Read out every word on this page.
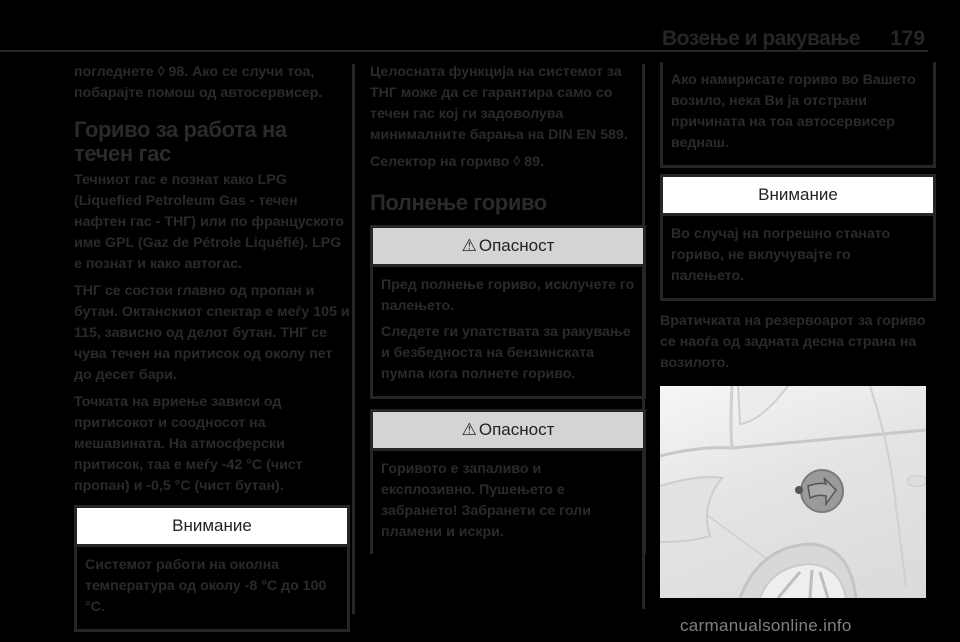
Возење и ракување 179

погледнете ◊ 98. Ако се случи тоа, побарајте помош од автосервисер.

Гориво за работа на течен гас

Течниот гас е познат како LPG (Liquefied Petroleum Gas - течен нафтен гас - ТНГ) или по француското име GPL (Gaz de Pétrole Liquéfié). LPG е познат и како автогас.

ТНГ се состои главно од пропан и бутан. Октанскиот спектар е меѓу 105 и 115, зависно од делот бутан. ТНГ се чува течен на притисок од околу пет до десет бари.

Точката на вриење зависи од притисокот и соодносот на мешавината. На атмосферски притисок, таа е меѓу -42 °C (чист пропан) и -0,5 °C (чист бутан).

Внимание

Системот работи на околна температура од околу -8 °C до 100 °C.

Целосната функција на системот за ТНГ може да се гарантира само со течен гас кој ги задоволува минималните барања на DIN EN 589.

Селектор на гориво ◊ 89.

Полнење гориво
⚠ Опасност

Пред полнење гориво, исклучете го палењето.

Следете ги упатствата за ракување и безбедноста на бензинската пумпа кога полнете гориво.

⚠ Опасност

Горивото е запаливо и експлозивно. Пушењето е забрането! Забранети се голи пламени и искри.

Ако намирисате гориво во Вашето возило, нека Ви ја отстрани причината на тоа автосервисер веднаш.

Внимание

Во случај на погрешно станато гориво, не вклучувајте го палењето.

Вратичката на резервоарот за гориво се наоѓа од задната десна страна на возилото.

carmanualsonline.info
